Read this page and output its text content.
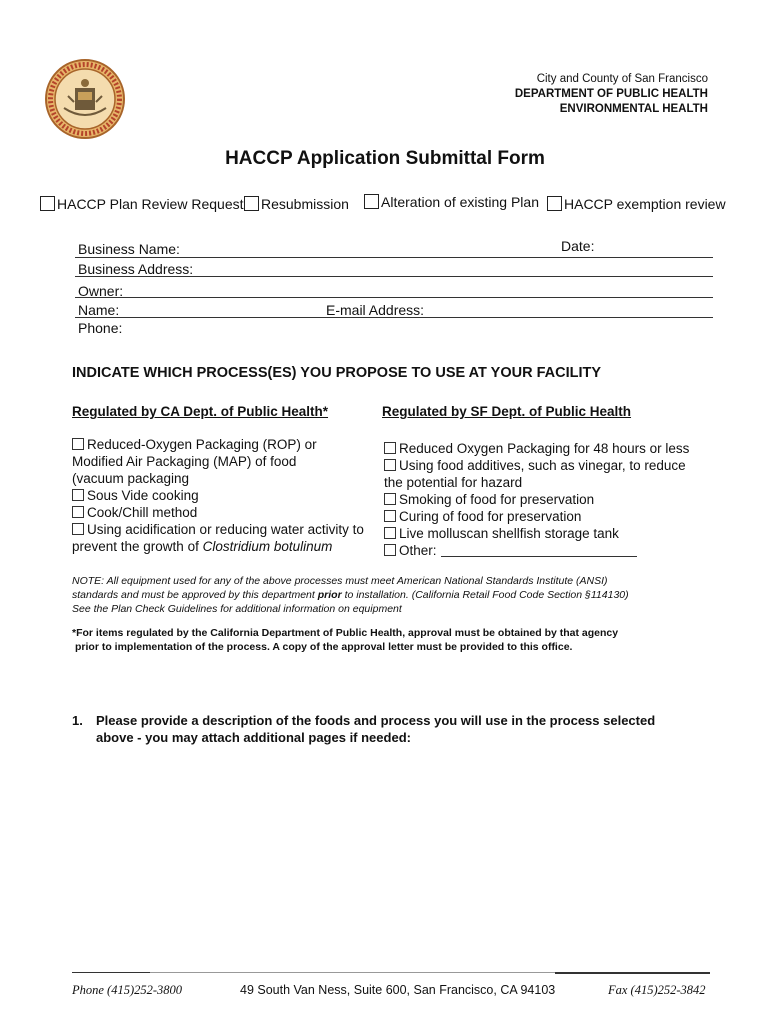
City and County of San Francisco
DEPARTMENT OF PUBLIC HEALTH
ENVIRONMENTAL HEALTH
HACCP Application Submittal Form
HACCP Plan Review Request	Resubmission	Alteration of existing Plan	HACCP exemption review
Business Name:	Date:
Business Address:
Owner:
Name:	E-mail Address:
Phone:
INDICATE WHICH PROCESS(ES) YOU PROPOSE TO USE AT YOUR FACILITY
Regulated by CA Dept. of Public Health*	Regulated by SF Dept. of Public Health
Reduced-Oxygen Packaging (ROP) or
Modified Air Packaging (MAP) of food
(vacuum packaging
Sous Vide cooking
Cook/Chill method
Using acidification or reducing water activity to
prevent the growth of Clostridium botulinum
Reduced Oxygen Packaging for 48 hours or less
Using food additives, such as vinegar, to reduce
the potential for hazard
Smoking of food for preservation
Curing of food for preservation
Live molluscan shellfish storage tank
Other:
NOTE: All equipment used for any of the above processes must meet American National Standards Institute (ANSI)
standards and must be approved by this department prior to installation. (California Retail Food Code Section §114130)
See the Plan Check Guidelines for additional information on equipment
*For items regulated by the California Department of Public Health, approval must be obtained by that agency
prior to implementation of the process. A copy of the approval letter must be provided to this office.
1. Please provide a description of the foods and process you will use in the process selected
above - you may attach additional pages if needed:
Phone (415)252-3800	49 South Van Ness, Suite 600, San Francisco, CA 94103	Fax (415)252-3842
